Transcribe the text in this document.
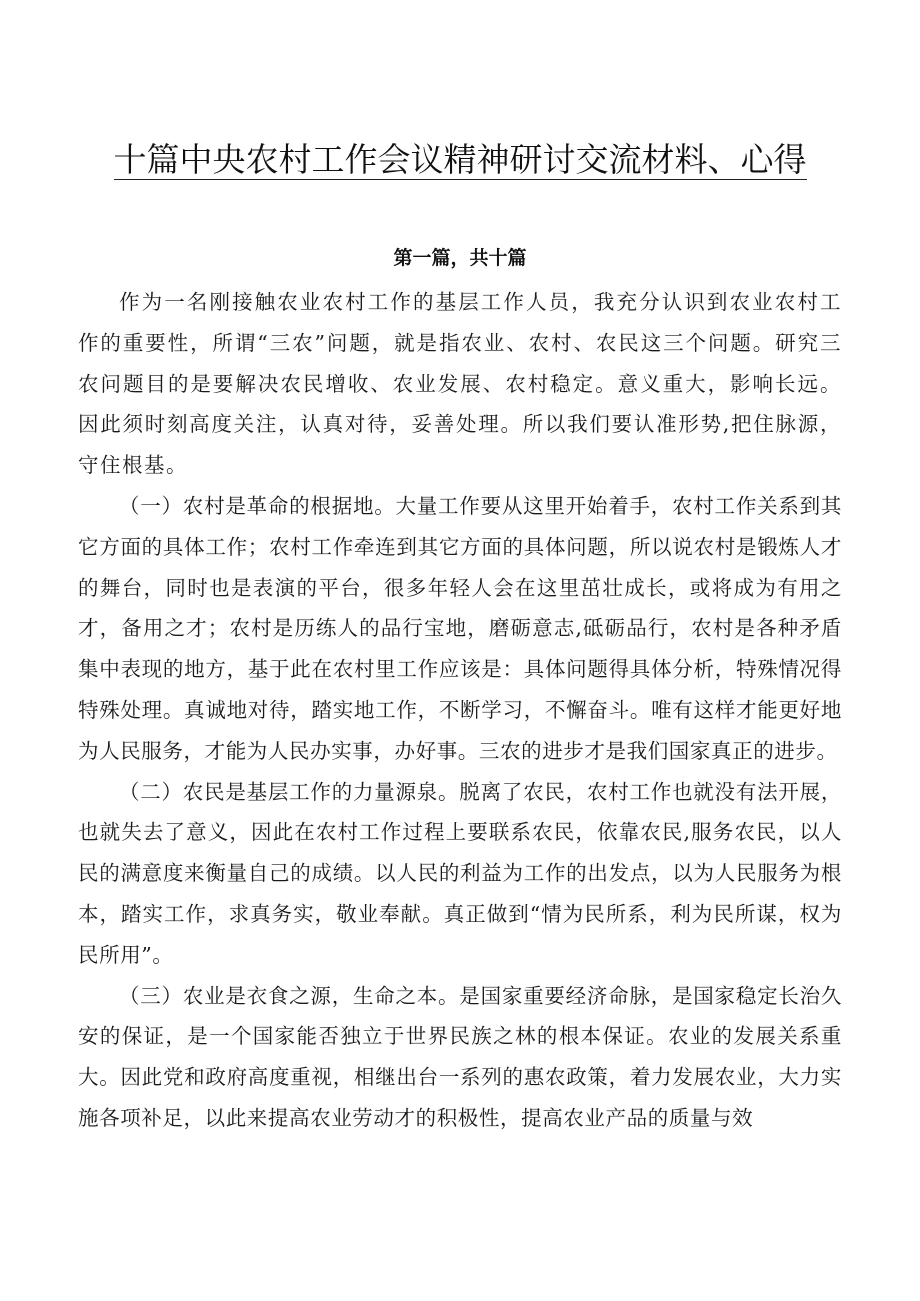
十篇中央农村工作会议精神研讨交流材料、心得
第一篇，共十篇

作为一名刚接触农业农村工作的基层工作人员，我充分认识到农业农村工作的重要性，所谓“三农”问题，就是指农业、农村、农民这三个问题。研究三农问题目的是要解决农民增收、农业发展、农村稳定。意义重大，影响长远。因此须时刻高度关注，认真对待，妥善处理。所以我们要认准形势,把住脉源，守住根基。

（一）农村是革命的根据地。大量工作要从这里开始着手，农村工作关系到其它方面的具体工作；农村工作牵连到其它方面的具体问题，所以说农村是锻炼人才的舞台，同时也是表演的平台，很多年轻人会在这里茁壮成长，或将成为有用之才，备用之才；农村是历练人的品行宝地，磨砺意志,砥砺品行，农村是各种矛盾集中表现的地方，基于此在农村里工作应该是：具体问题得具体分析，特殊情况得特殊处理。真诚地对待，踏实地工作，不断学习，不懈奋斗。唯有这样才能更好地为人民服务，才能为人民办实事，办好事。三农的进步才是我们国家真正的进步。

（二）农民是基层工作的力量源泉。脱离了农民，农村工作也就没有法开展，也就失去了意义，因此在农村工作过程上要联系农民，依靠农民,服务农民，以人民的满意度来衡量自己的成绩。以人民的利益为工作的出发点，以为人民服务为根本，踏实工作，求真务实，敬业奉献。真正做到“情为民所系，利为民所谋，权为民所用”。

（三）农业是衣食之源，生命之本。是国家重要经济命脉，是国家稳定长治久安的保证，是一个国家能否独立于世界民族之林的根本保证。农业的发展关系重大。因此党和政府高度重视，相继出台一系列的惠农政策，着力发展农业，大力实施各项补足，以此来提高农业劳动才的积极性，提高农业产品的质量与效
